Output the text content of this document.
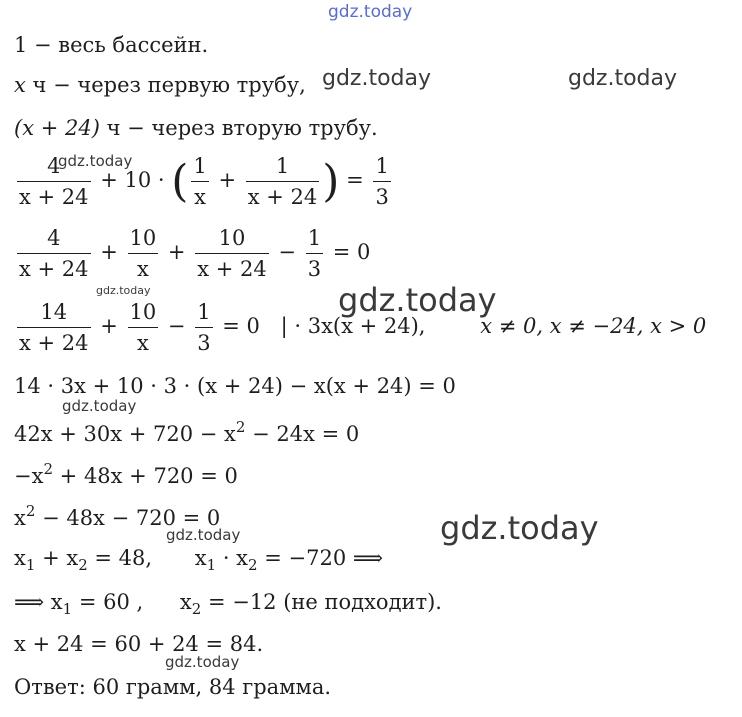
gdz.today
gdz.today	gdz.today
gdz.today
gdz.today	gdz.today
gdz.today
gdz.today
gdz.today
gdz.today
1 − весь бассейн.
x ч − через первую трубу,
(x + 24) ч − через вторую трубу.
$\frac{4}{x + 24} + 10$ · ( $\frac{1}{x} + \frac{1}{x + 24}$ ) = $\frac{1}{3}$
$\frac{4}{x + 24} + \frac{10}{x} + \frac{10}{x + 24} - \frac{1}{3} = 0$
$\frac{14}{x + 24} + \frac{10}{x} - \frac{1}{3} = 0$ | · 3x(x + 24),	x ≠ 0, x ≠ −24, x > 0
14 · 3x + 10 · 3 · (x + 24) − x(x + 24) = 0
$42x + 30x + 720 - x^2 - 24x = 0$
$-x^2 + 48x + 720 = 0$
$x^2 - 48x - 720 = 0$
$x_1 + x_2 = 48$, $x_1 \cdot x_2 = -720$ ⟹
⟹ $x_1 = 60$ , $x_2 = -12$ (не подходит).
x + 24 = 60 + 24 = 84.
Ответ: 60 грамм, 84 грамма.
